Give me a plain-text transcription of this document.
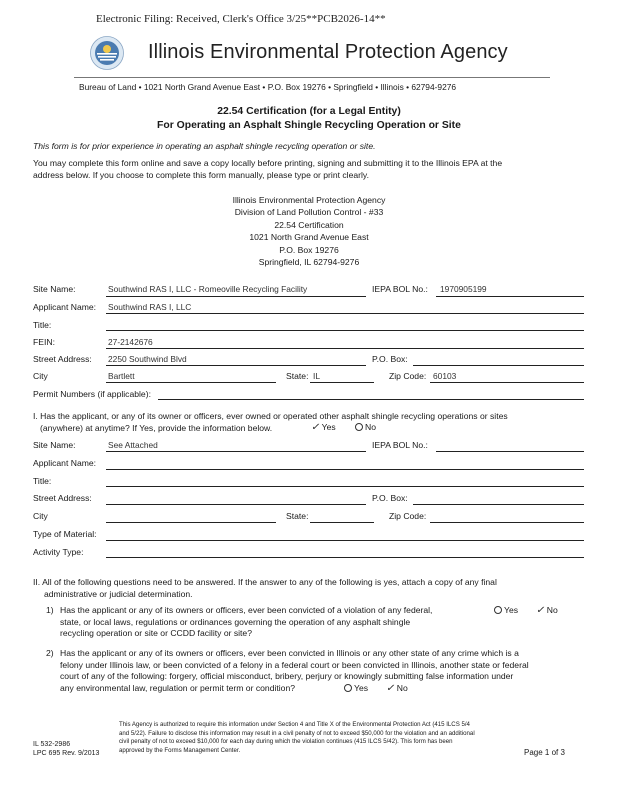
Electronic Filing: Received, Clerk's Office 3/25**PCB2026-14**
Illinois Environmental Protection Agency
Bureau of Land • 1021 North Grand Avenue East • P.O. Box 19276 • Springfield • Illinois • 62794-9276
22.54 Certification (for a Legal Entity)
For Operating an Asphalt Shingle Recycling Operation or Site
This form is for prior experience in operating an asphalt shingle recycling operation or site.
You may complete this form online and save a copy locally before printing, signing and submitting it to the Illinois EPA at the
address below. If you choose to complete this form manually, please type or print clearly.
Illinois Environmental Protection Agency
Division of Land Pollution Control - #33
22.54 Certification
1021 North Grand Avenue East
P.O. Box 19276
Springfield, IL 62794-9276
Site Name:	Southwind RAS I, LLC - Romeoville Recycling Facility	IEPA BOL No.: 1970905199
Applicant Name: Southwind RAS I, LLC
Title:
FEIN:	27-2142676
Street Address: 2250 Southwind Blvd	P.O. Box:
City	Bartlett	State: IL	Zip Code: 60103
Permit Numbers (if applicable):
I. Has the applicant, or any of its owner or officers, ever owned or operated other asphalt shingle recycling operations or sites
(anywhere) at anytime? If Yes, provide the information below.	✓ Yes	No
Site Name:	See Attached	IEPA BOL No.:
Applicant Name:
Title:
Street Address:	P.O. Box:
City	State:	Zip Code:
Type of Material:
Activity Type:
II. All of the following questions need to be answered. If the answer to any of the following is yes, attach a copy of any final
administrative or judicial determination.
1) Has the applicant or any of its owners or officers, ever been convicted of a violation of any federal,
state, or local laws, regulations or ordinances governing the operation of any asphalt shingle
recycling operation or site or CCDD facility or site?
Yes ✓ No
2) Has the applicant or any of its owners or officers, ever been convicted in Illinois or any other state of any crime which is a
felony under Illinois law, or been convicted of a felony in a federal court or been convicted in Illinois, another state or federal
court of any of the following: forgery, official misconduct, bribery, perjury or knowingly submitting false information under
any environmental law, regulation or permit term or condition?	Yes ✓ No
IL 532-2986
LPC 695 Rev. 9/2013
This Agency is authorized to require this information under Section 4 and Title X of the Environmental Protection Act (415 ILCS 5/4
and 5/22). Failure to disclose this information may result in a civil penalty of not to exceed $50,000 for the violation and an additional
civil penalty of not to exceed $10,000 for each day during which the violation continues (415 ILCS 5/42). This form has been
approved by the Forms Management Center.	Page 1 of 3
